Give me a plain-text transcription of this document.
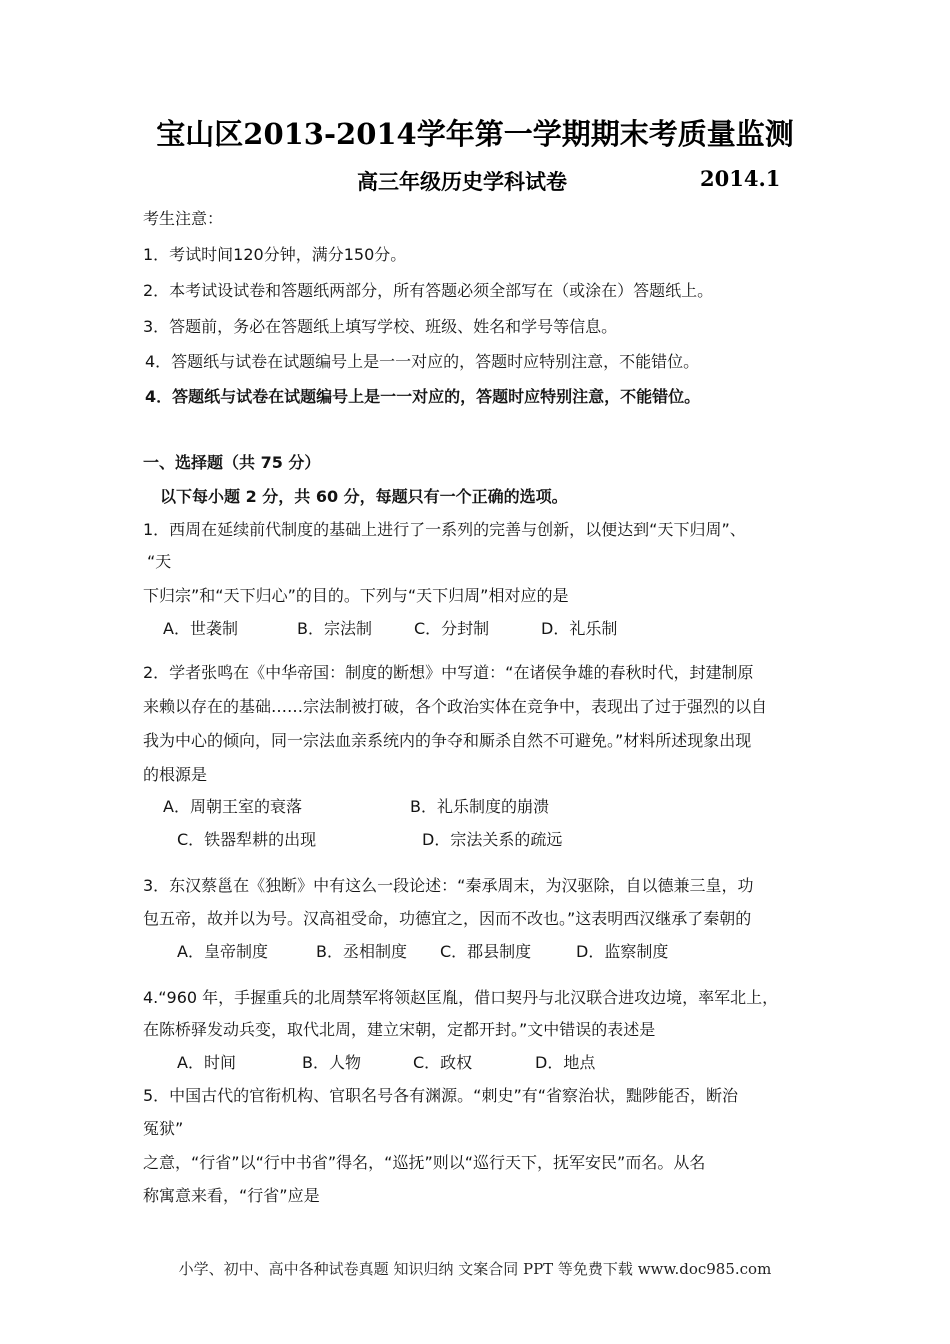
宝山区2013-2014学年第一学期期末考质量监测
高三年级历史学科试卷	2014.1
考生注意：
1．考试时间120分钟，满分150分。
2．本考试设试卷和答题纸两部分，所有答题必须全部写在（或涂在）答题纸上。
3．答题前，务必在答题纸上填写学校、班级、姓名和学号等信息。
4．答题纸与试卷在试题编号上是一一对应的，答题时应特别注意，不能错位。
4．答题纸与试卷在试题编号上是一一对应的，答题时应特别注意，不能错位。
一、选择题（共 75 分）
以下每小题 2 分，共 60 分，每题只有一个正确的选项。
1．西周在延续前代制度的基础上进行了一系列的完善与创新，以便达到“天下归周”、
“天
下归宗”和“天下归心”的目的。下列与“天下归周”相对应的是
A．世袭制	B．宗法制	C．分封制	D．礼乐制
2．学者张鸣在《中华帝国：制度的断想》中写道：“在诸侯争雄的春秋时代，封建制原
来赖以存在的基础……宗法制被打破，各个政治实体在竞争中，表现出了过于强烈的以自
我为中心的倾向，同一宗法血亲系统内的争夺和厮杀自然不可避免。”材料所述现象出现
的根源是
A．周朝王室的衰落	B．礼乐制度的崩溃
C．铁器犁耕的出现	D．宗法关系的疏远
3．东汉蔡邕在《独断》中有这么一段论述：“秦承周末，为汉驱除，自以德兼三皇，功
包五帝，故并以为号。汉高祖受命，功德宜之，因而不改也。”这表明西汉继承了秦朝的
A．皇帝制度	B．丞相制度 C．郡县制度	D．监察制度
4.“960 年，手握重兵的北周禁军将领赵匡胤，借口契丹与北汉联合进攻边境，率军北上，
在陈桥驿发动兵变，取代北周，建立宋朝，定都开封。”文中错误的表述是
A．时间	B．人物	C．政权	D．地点
5．中国古代的官衔机构、官职名号各有渊源。“刺史”有“省察治状，黜陟能否，断治
冤狱”
之意，“行省”以“行中书省”得名，“巡抚”则以“巡行天下，抚军安民”而名。从名
称寓意来看，“行省”应是
小学、初中、高中各种试卷真题 知识归纳 文案合同 PPT 等免费下载 www.doc985.com
